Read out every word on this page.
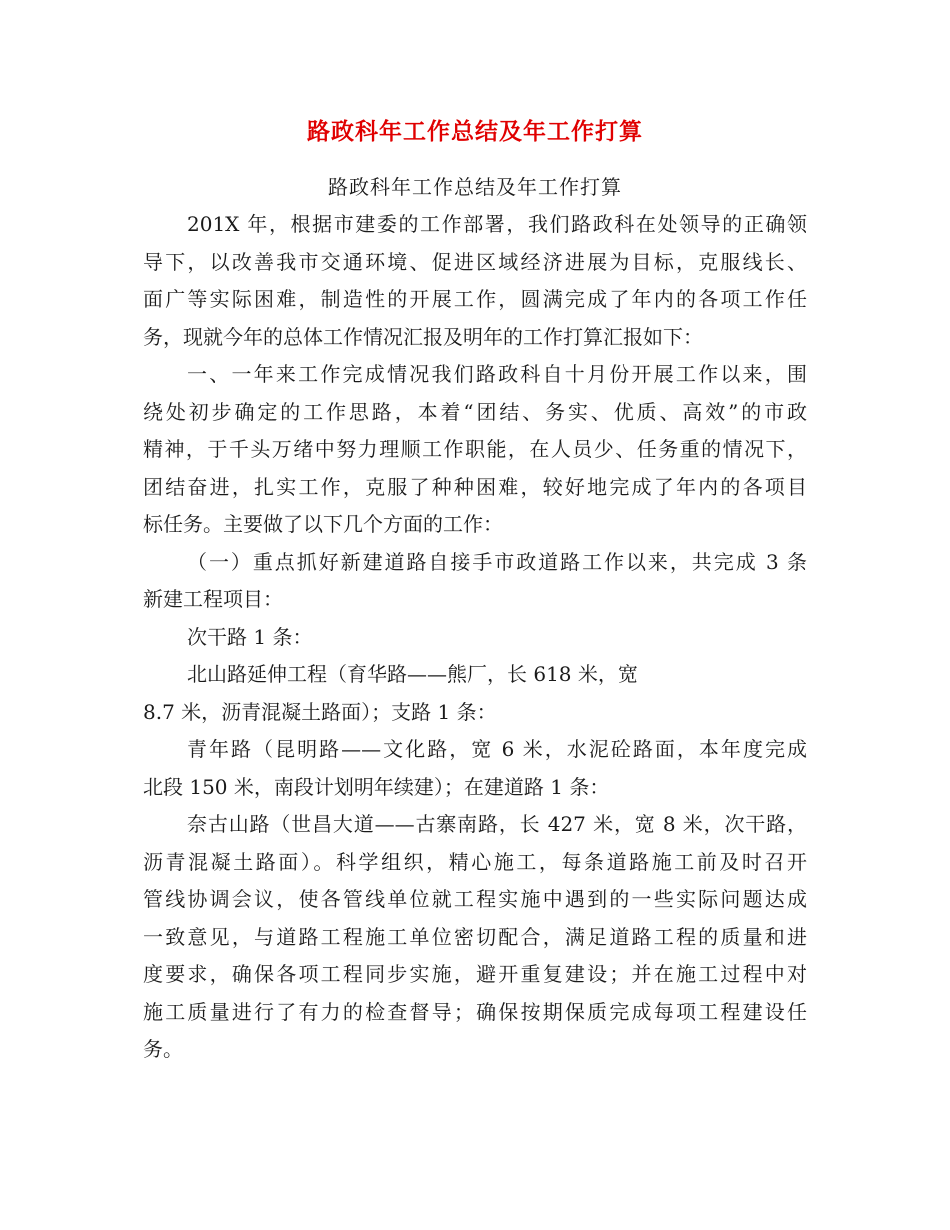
路政科年工作总结及年工作打算
路政科年工作总结及年工作打算
201X 年，根据市建委的工作部署，我们路政科在处领导的正确领
导下，以改善我市交通环境、促进区域经济进展为目标，克服线长、
面广等实际困难，制造性的开展工作，圆满完成了年内的各项工作任
务，现就今年的总体工作情况汇报及明年的工作打算汇报如下：
一、一年来工作完成情况我们路政科自十月份开展工作以来，围
绕处初步确定的工作思路，本着“团结、务实、优质、高效”的市政
精神，于千头万绪中努力理顺工作职能，在人员少、任务重的情况下，
团结奋进，扎实工作，克服了种种困难，较好地完成了年内的各项目
标任务。主要做了以下几个方面的工作：
（一）重点抓好新建道路自接手市政道路工作以来，共完成 3 条
新建工程项目：
次干路 1 条：
北山路延伸工程（育华路——熊厂，长 618 米，宽
8.7 米，沥青混凝土路面）；支路 1 条：
青年路（昆明路——文化路，宽 6 米，水泥砼路面，本年度完成
北段 150 米，南段计划明年续建）；在建道路 1 条：
奈古山路（世昌大道——古寨南路，长 427 米，宽 8 米，次干路，
沥青混凝土路面）。科学组织，精心施工，每条道路施工前及时召开
管线协调会议，使各管线单位就工程实施中遇到的一些实际问题达成
一致意见，与道路工程施工单位密切配合，满足道路工程的质量和进
度要求，确保各项工程同步实施，避开重复建设；并在施工过程中对
施工质量进行了有力的检查督导；确保按期保质完成每项工程建设任
务。
